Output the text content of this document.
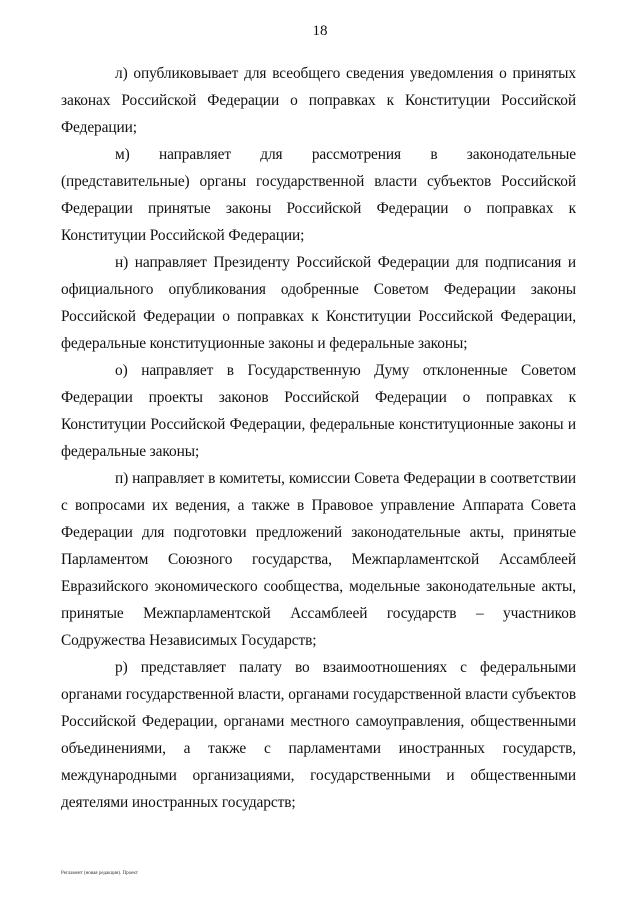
18

л) опубликовывает для всеобщего сведения уведомления о принятых законах Российской Федерации о поправках к Конституции Российской Федерации;

м) направляет для рассмотрения в законодательные (представительные) органы государственной власти субъектов Российской Федерации принятые законы Российской Федерации о поправках к Конституции Российской Федерации;

н) направляет Президенту Российской Федерации для подписания и официального опубликования одобренные Советом Федерации законы Российской Федерации о поправках к Конституции Российской Федерации, федеральные конституционные законы и федеральные законы;

о) направляет в Государственную Думу отклоненные Советом Федерации проекты законов Российской Федерации о поправках к Конституции Российской Федерации, федеральные конституционные законы и федеральные законы;

п) направляет в комитеты, комиссии Совета Федерации в соответствии с вопросами их ведения, а также в Правовое управление Аппарата Совета Федерации для подготовки предложений законодательные акты, принятые Парламентом Союзного государства, Межпарламентской Ассамблеей Евразийского экономического сообщества, модельные законодательные акты, принятые Межпарламентской Ассамблеей государств – участников Содружества Независимых Государств;

р) представляет палату во взаимоотношениях с федеральными органами государственной власти, органами государственной власти субъектов Российской Федерации, органами местного самоуправления, общественными объединениями, а также с парламентами иностранных государств, международными организациями, государственными и общественными деятелями иностранных государств;

Регламент (новая редакция). Проект
